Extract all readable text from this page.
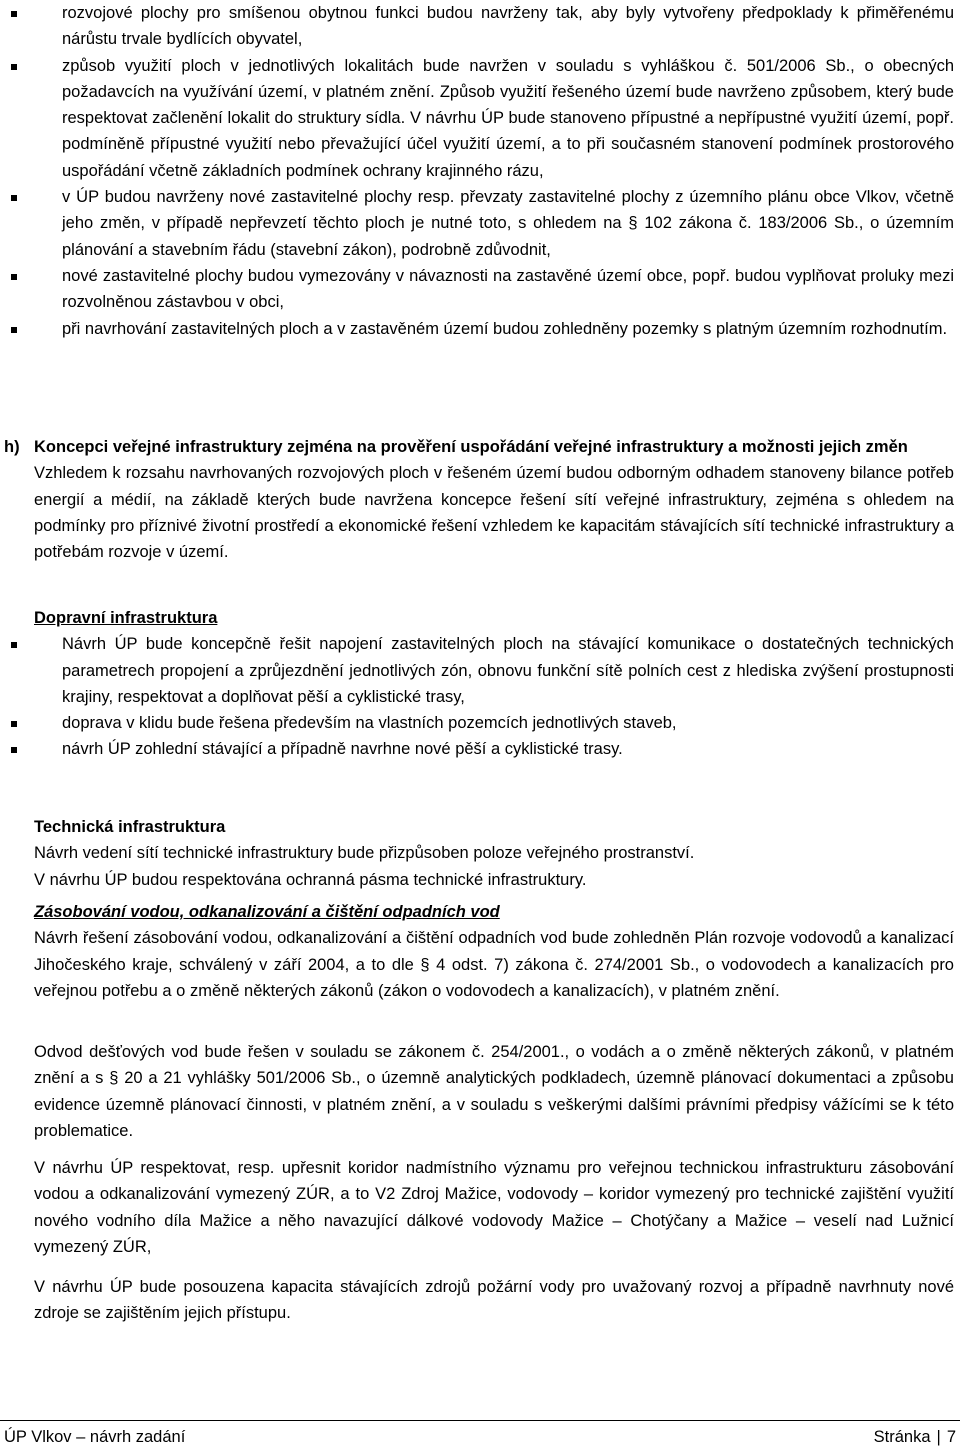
rozvojové plochy pro smíšenou obytnou funkci budou navrženy tak, aby byly vytvořeny předpoklady k přiměřenému nárůstu trvale bydlících obyvatel,
způsob využití ploch v jednotlivých lokalitách bude navržen v souladu s vyhláškou č. 501/2006 Sb., o obecných požadavcích na využívání území, v platném znění. Způsob využití řešeného území bude navrženo způsobem, který bude respektovat začlenění lokalit do struktury sídla. V návrhu ÚP bude stanoveno přípustné a nepřípustné využití území, popř. podmíněně přípustné využití nebo převažující účel využití území, a to při současném stanovení podmínek prostorového uspořádání včetně základních podmínek ochrany krajinného rázu,
v ÚP budou navrženy nové zastavitelné plochy resp. převzaty zastavitelné plochy z územního plánu obce Vlkov, včetně jeho změn, v případě nepřevzetí těchto ploch je nutné toto, s ohledem na § 102 zákona č. 183/2006 Sb., o územním plánování a stavebním řádu (stavební zákon), podrobně zdůvodnit,
nové zastavitelné plochy budou vymezovány v návaznosti na zastavěné území obce, popř. budou vyplňovat proluky mezi rozvolněnou zástavbou v obci,
při navrhování zastavitelných ploch a v zastavěném území budou zohledněny pozemky s platným územním rozhodnutím.
h) Koncepci veřejné infrastruktury zejména na prověření uspořádání veřejné infrastruktury a možnosti jejich změn
Vzhledem k rozsahu navrhovaných rozvojových ploch v řešeném území budou odborným odhadem stanoveny bilance potřeb energií a médií, na základě kterých bude navržena koncepce řešení sítí veřejné infrastruktury, zejména s ohledem na podmínky pro příznivé životní prostředí a ekonomické řešení vzhledem ke kapacitám stávajících sítí technické infrastruktury a potřebám rozvoje v území.
Dopravní infrastruktura
Návrh ÚP bude koncepčně řešit napojení zastavitelných ploch na stávající komunikace o dostatečných technických parametrech propojení a zprůjezdnění jednotlivých zón, obnovu funkční sítě polních cest z hlediska zvýšení prostupnosti krajiny, respektovat a doplňovat pěší a cyklistické trasy,
doprava v klidu bude řešena především na vlastních pozemcích jednotlivých staveb,
návrh ÚP zohlední stávající a případně navrhne nové pěší a cyklistické trasy.
Technická infrastruktura
Návrh vedení sítí technické infrastruktury bude přizpůsoben poloze veřejného prostranství.
V návrhu ÚP budou respektována ochranná pásma technické infrastruktury.
Zásobování vodou, odkanalizování a čištění odpadních vod
Návrh řešení zásobování vodou, odkanalizování a čištění odpadních vod bude zohledněn Plán rozvoje vodovodů a kanalizací Jihočeského kraje, schválený v září 2004, a to dle § 4 odst. 7) zákona č. 274/2001 Sb., o vodovodech a kanalizacích pro veřejnou potřebu a o změně některých zákonů (zákon o vodovodech a kanalizacích), v platném znění.
Odvod dešťových vod bude řešen v souladu se zákonem č. 254/2001., o vodách a o změně některých zákonů, v platném znění a s § 20 a 21 vyhlášky 501/2006 Sb., o územně analytických podkladech, územně plánovací dokumentaci a způsobu evidence územně plánovací činnosti, v platném znění, a v souladu s veškerými dalšími právními předpisy vážícími se k této problematice.
V návrhu ÚP respektovat, resp. upřesnit koridor nadmístního významu pro veřejnou technickou infrastrukturu zásobování vodou a odkanalizování vymezený ZÚR, a to V2 Zdroj Mažice, vodovody – koridor vymezený pro technické zajištění využití nového vodního díla Mažice a něho navazující dálkové vodovody Mažice – Chotýčany a Mažice – veselí nad Lužnicí vymezený ZÚR,
V návrhu ÚP bude posouzena kapacita stávajících zdrojů požární vody pro uvažovaný rozvoj a případně navrhnuty nové zdroje se zajištěním jejich přístupu.
ÚP Vlkov – návrh zadání	Stránka | 7
